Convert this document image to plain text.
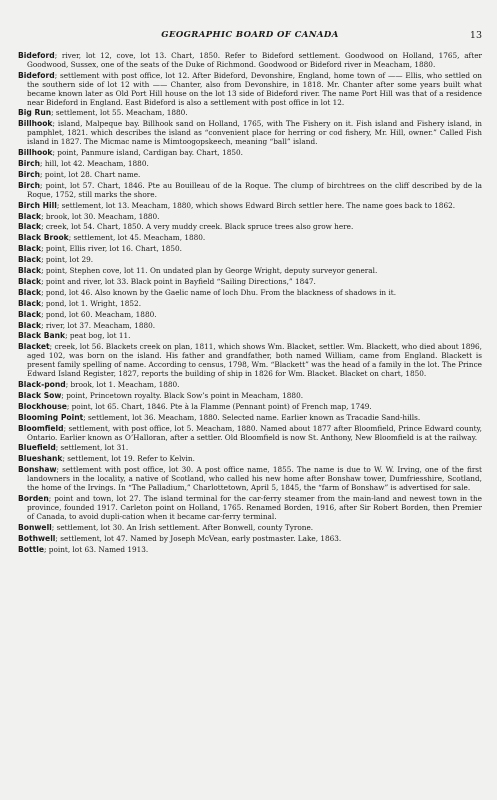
GEOGRAPHIC BOARD OF CANADA	13
Bideford; river, lot 12, cove, lot 13. Chart, 1850. Refer to Bideford settlement. Goodwood on Holland, 1765, after Goodwood, Sussex, one of the seats of the Duke of Richmond. Goodwood or Bideford river in Meacham, 1880.
Bideford; settlement with post office, lot 12. After Bideford, Devonshire, England, home town of —— Ellis, who settled on the southern side of lot 12 with —— Chanter, also from Devonshire, in 1818. Mr. Chanter after some years built what became known later as Old Port Hill house on the lot 13 side of Bideford river. The name Port Hill was that of a residence near Bideford in England. East Bideford is also a settlement with post office in lot 12.
Big Run; settlement, lot 55. Meacham, 1880.
Billhook; island, Malpeque bay. Billhook sand on Holland, 1765, with The Fishery on it. Fish island and Fishery island, in pamphlet, 1821. which describes the island as “convenient place for herring or cod fishery, Mr. Hill, owner.” Called Fish island in 1827. The Micmac name is Mimtoogopskeech, meaning “ball” island.
Billhook; point, Panmure island, Cardigan bay. Chart, 1850.
Birch; hill, lot 42. Meacham, 1880.
Birch; point, lot 28. Chart name.
Birch; point, lot 57. Chart, 1846. Pte au Bouilleau of de la Roque. The clump of birchtrees on the cliff described by de la Roque, 1752, still marks the shore.
Birch Hill; settlement, lot 13. Meacham, 1880, which shows Edward Birch settler here. The name goes back to 1862.
Black; brook, lot 30. Meacham, 1880.
Black; creek, lot 54. Chart, 1850. A very muddy creek. Black spruce trees also grow here.
Black Brook; settlement, lot 45. Meacham, 1880.
Black; point, Ellis river, lot 16. Chart, 1850.
Black; point, lot 29.
Black; point, Stephen cove, lot 11. On undated plan by George Wright, deputy surveyor general.
Black; point and river, lot 33. Black point in Bayfield “Sailing Directions,” 1847.
Black; pond, lot 46. Also known by the Gaelic name of loch Dhu. From the blackness of shadows in it.
Black; pond, lot 1. Wright, 1852.
Black; pond, lot 60. Meacham, 1880.
Black; river, lot 37. Meacham, 1880.
Black Bank; peat bog, lot 11.
Blacket; creek, lot 56. Blackets creek on plan, 1811, which shows Wm. Blacket, settler. Wm. Blackett, who died about 1896, aged 102, was born on the island. His father and grandfather, both named William, came from England. Blackett is present family spelling of name. According to census, 1798, Wm. “Blackett” was the head of a family in the lot. The Prince Edward Island Register, 1827, reports the building of ship in 1826 for Wm. Blacket. Blacket on chart, 1850.
Black-pond; brook, lot 1. Meacham, 1880.
Black Sow; point, Princetown royalty. Black Sow’s point in Meacham, 1880.
Blockhouse; point, lot 65. Chart, 1846. Pte à la Flamme (Pennant point) of French map, 1749.
Blooming Point; settlement, lot 36. Meacham, 1880. Selected name. Earlier known as Tracadie Sand-hills.
Bloomfield; settlement, with post office, lot 5. Meacham, 1880. Named about 1877 after Bloomfield, Prince Edward county, Ontario. Earlier known as O’Halloran, after a settler. Old Bloomfield is now St. Anthony, New Bloomfield is at the railway.
Bluefield; settlement, lot 31.
Blueshank; settlement, lot 19. Refer to Kelvin.
Bonshaw; settlement with post office, lot 30. A post office name, 1855. The name is due to W. W. Irving, one of the first landowners in the locality, a native of Scotland, who called his new home after Bonshaw tower, Dumfriesshire, Scotland, the home of the Irvings. In “The Palladium,” Charlottetown, April 5, 1845, the “farm of Bonshaw” is advertised for sale.
Borden; point and town, lot 27. The island terminal for the car-ferry steamer from the main-land and newest town in the province, founded 1917. Carleton point on Holland, 1765. Renamed Borden, 1916, after Sir Robert Borden, then Premier of Canada, to avoid dupli-cation when it became car-ferry terminal.
Bonwell; settlement, lot 30. An Irish settlement. After Bonwell, county Tyrone.
Bothwell; settlement, lot 47. Named by Joseph McVean, early postmaster. Lake, 1863.
Bottle; point, lot 63. Named 1913.
